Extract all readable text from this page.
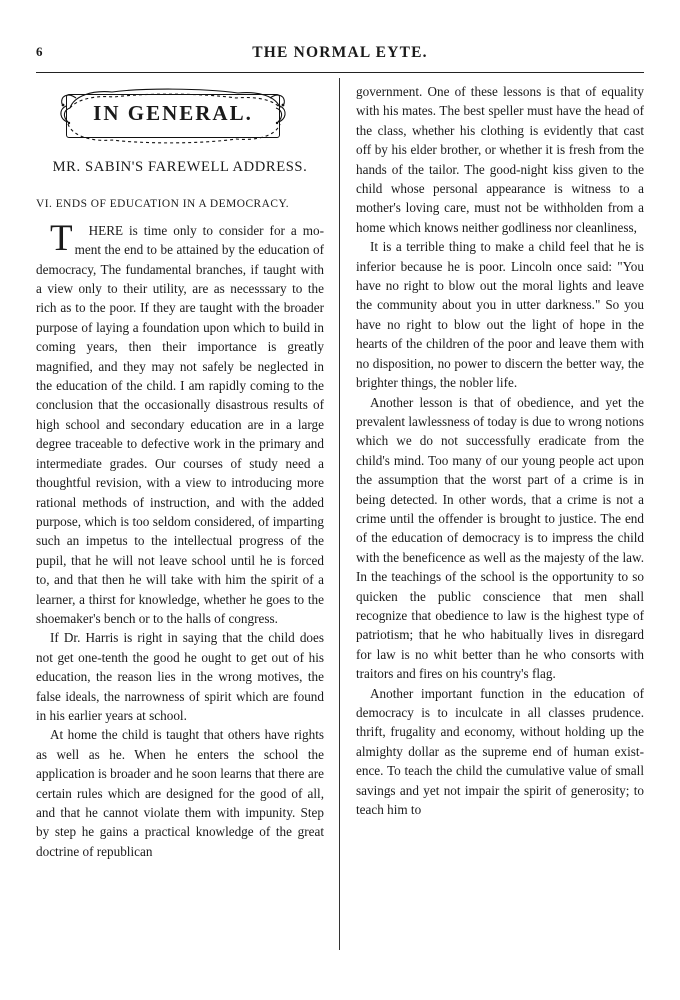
6	THE NORMAL EYTE.
IN GENERAL.
MR. SABIN'S FAREWELL ADDRESS.
VI. ENDS OF EDUCATION IN A DEMOCRACY.

T HERE is time only to consider for a moment the end to be attained by the education of democracy, The fundamental branches, if taught with a view only to their utility, are as necesssary to the rich as to the poor. If they are taught with the broader purpose of laying a foundation upon which to build in coming years, then their importance is greatly magnified, and they may not safely be neglected in the education of the child. I am rapidly coming to the conclusion that the occasionally disastrous results of high school and secondary education are in a large degree traceable to defective work in the primary and intermediate grades. Our courses of study need a thoughtful revision, with a view to introducing more rational methods of instruction, and with the added purpose, which is too seldom considered, of imparting such an impetus to the intellectual progress of the pupil, that he will not leave school until he is forced to, and that then he will take with him the spirit of a learner, a thirst for knowledge, whether he goes to the shoemaker's bench or to the halls of congress.

If Dr. Harris is right in saying that the child does not get one-tenth the good he ought to get out of his education, the reason lies in the wrong motives, the false ideals, the narrowness of spirit which are found in his earlier years at school.

At home the child is taught that others have rights as well as he. When he enters the school the application is broader and he soon learns that there are certain rules which are designed for the good of all, and that he cannot violate them with impunity. Step by step he gains a practical knowledge of the great doctrine of republican

government. One of these lessons is that of equality with his mates. The best speller must have the head of the class, whether his clothing is evidently that cast off by his elder brother, or whether it is fresh from the hands of the tailor. The good-night kiss given to the child whose personal appearance is witness to a mother's loving care, must not be withholden from a home which knows neither godliness nor cleanliness,

It is a terrible thing to make a child feel that he is inferior because he is poor. Lincoln once said: "You have no right to blow out the moral lights and leave the community about you in utter darkness." So you have no right to blow out the light of hope in the hearts of the children of the poor and leave them with no disposition, no power to discern the better way, the brighter things, the nobler life.

Another lesson is that of obedience, and yet the prevalent lawlessness of today is due to wrong notions which we do not successfully eradicate from the child's mind. Too many of our young people act upon the assumption that the worst part of a crime is in being detected. In other words, that a crime is not a crime until the offender is brought to justice. The end of the education of democracy is to impress the child with the beneficence as well as the majesty of the law. In the teachings of the school is the opportunity to so quicken the public conscience that men shall recognize that obedience to law is the highest type of patriotism; that he who habitually lives in disregard for law is no whit better than he who consorts with traitors and fires on his country's flag.

Another important function in the education of democracy is to inculcate in all classes prudence. thrift, frugality and economy, without holding up the almighty dollar as the supreme end of human existence. To teach the child the cumulative value of small savings and yet not impair the spirit of generosity; to teach him to
